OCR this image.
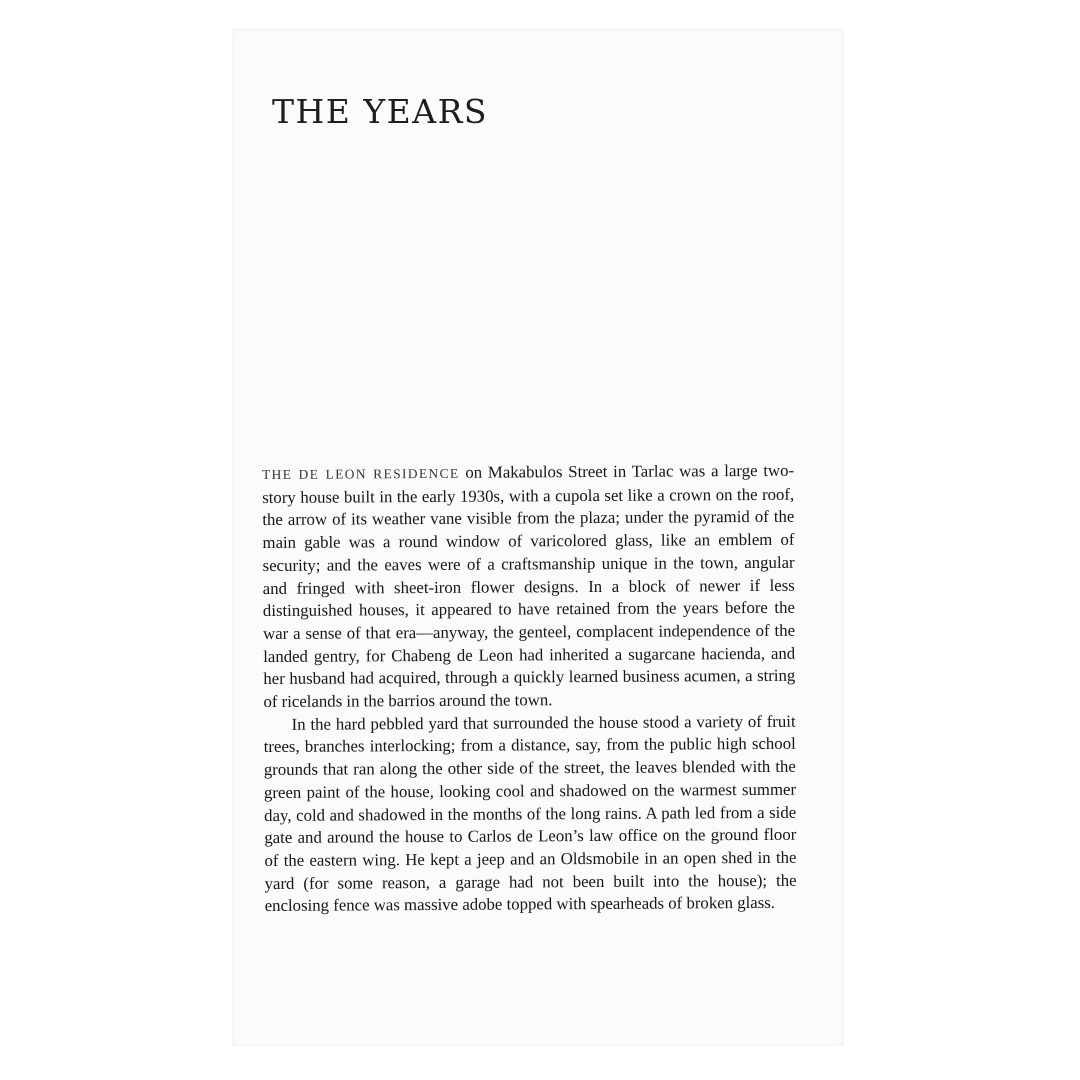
THE YEARS

THE DE LEON RESIDENCE on Makabulos Street in Tarlac was a large two-story house built in the early 1930s, with a cupola set like a crown on the roof, the arrow of its weather vane visible from the plaza; under the pyramid of the main gable was a round window of varicolored glass, like an emblem of security; and the eaves were of a craftsmanship unique in the town, angular and fringed with sheet-iron flower designs. In a block of newer if less distinguished houses, it appeared to have retained from the years before the war a sense of that era—anyway, the genteel, complacent independence of the landed gentry, for Chabeng de Leon had inherited a sugarcane hacienda, and her husband had acquired, through a quickly learned business acumen, a string of ricelands in the barrios around the town.

In the hard pebbled yard that surrounded the house stood a variety of fruit trees, branches interlocking; from a distance, say, from the public high school grounds that ran along the other side of the street, the leaves blended with the green paint of the house, looking cool and shadowed on the warmest summer day, cold and shadowed in the months of the long rains. A path led from a side gate and around the house to Carlos de Leon’s law office on the ground floor of the eastern wing. He kept a jeep and an Oldsmobile in an open shed in the yard (for some reason, a garage had not been built into the house); the enclosing fence was massive adobe topped with spearheads of broken glass.
